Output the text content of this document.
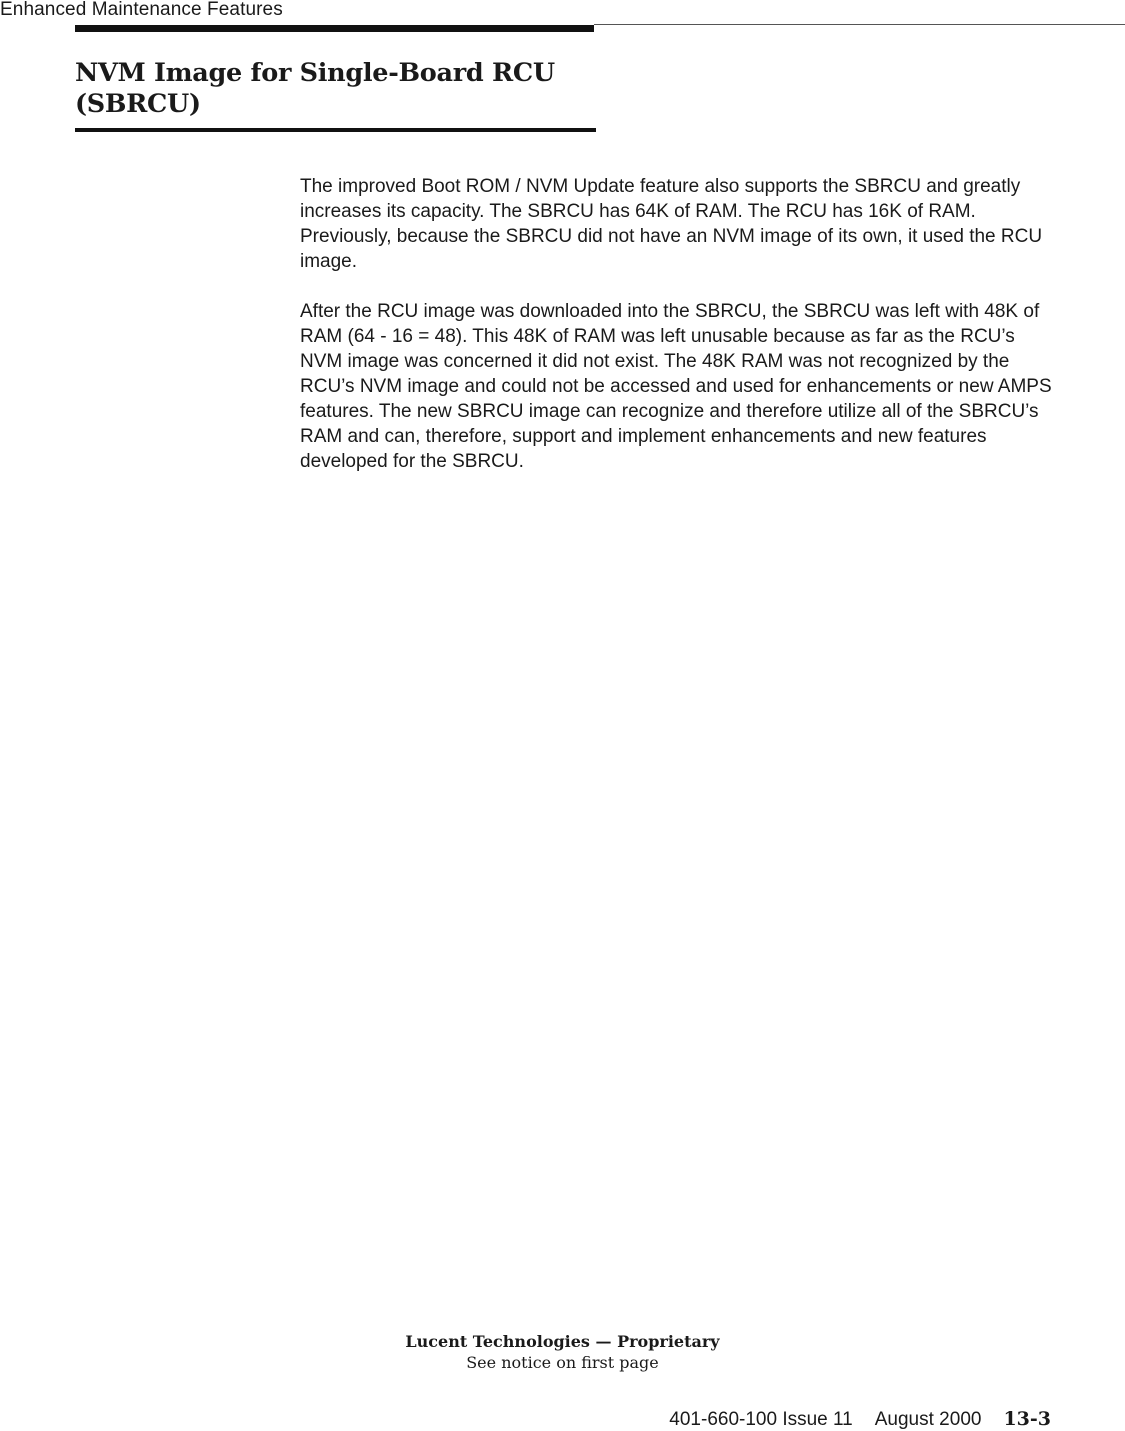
Enhanced Maintenance Features
NVM Image for Single-Board RCU (SBRCU)

The improved Boot ROM / NVM Update feature also supports the SBRCU and greatly increases its capacity. The SBRCU has 64K of RAM. The RCU has 16K of RAM. Previously, because the SBRCU did not have an NVM image of its own, it used the RCU image.

After the RCU image was downloaded into the SBRCU, the SBRCU was left with 48K of RAM (64 - 16 = 48). This 48K of RAM was left unusable because as far as the RCU’s NVM image was concerned it did not exist. The 48K RAM was not recognized by the RCU’s NVM image and could not be accessed and used for enhancements or new AMPS features. The new SBRCU image can recognize and therefore utilize all of the SBRCU’s RAM and can, therefore, support and implement enhancements and new features developed for the SBRCU.

Lucent Technologies — Proprietary
See notice on first page
401-660-100 Issue 11 August 2000 13-3
